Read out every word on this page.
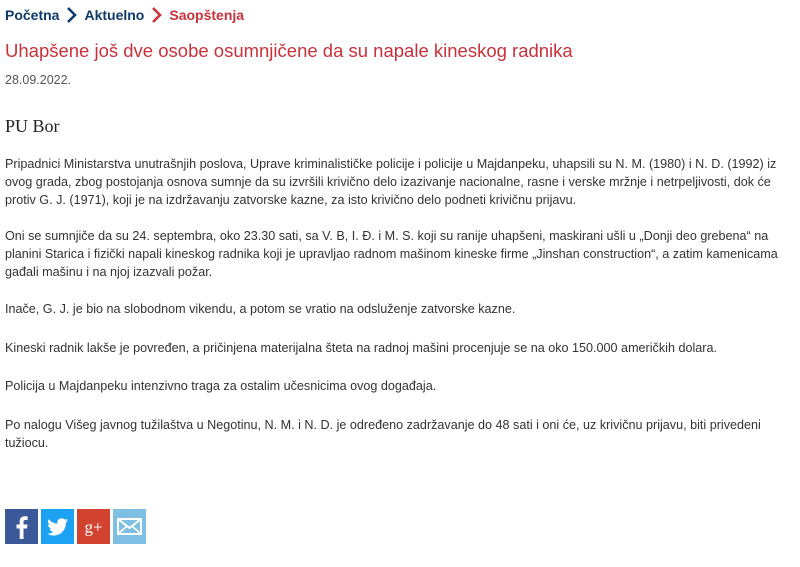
Početna Aktuelno Saopštenja
Uhapšene još dve osobe osumnjičene da su napale kineskog radnika
28.09.2022.
PU Bor

Pripadnici Ministarstva unutrašnjih poslova, Uprave kriminalističke policije i policije u Majdanpeku, uhapsili su N. M. (1980) i N. D. (1992) iz ovog grada, zbog postojanja osnova sumnje da su izvršili krivično delo izazivanje nacionalne, rasne i verske mržnje i netrpeljivosti, dok će protiv G. J. (1971), koji je na izdržavanju zatvorske kazne, za isto krivično delo podneti krivičnu prijavu.

Oni se sumnjiče da su 24. septembra, oko 23.30 sati, sa V. B, I. Đ. i M. S. koji su ranije uhapšeni, maskirani ušli u „Donji deo grebena“ na planini Starica i fizički napali kineskog radnika koji je upravljao radnom mašinom kineske firme „Jinshan construction“, a zatim kamenicama gađali mašinu i na njoj izazvali požar.

Inače, G. J. je bio na slobodnom vikendu, a potom se vratio na odsluženje zatvorske kazne.

Kineski radnik lakše je povređen, a pričinjena materijalna šteta na radnoj mašini procenjuje se na oko 150.000 američkih dolara.

Policija u Majdanpeku intenzivno traga za ostalim učesnicima ovog događaja.

Po nalogu Višeg javnog tužilaštva u Negotinu, N. M. i N. D. je određeno zadržavanje do 48 sati i oni će, uz krivičnu prijavu, biti privedeni tužiocu.

g+
